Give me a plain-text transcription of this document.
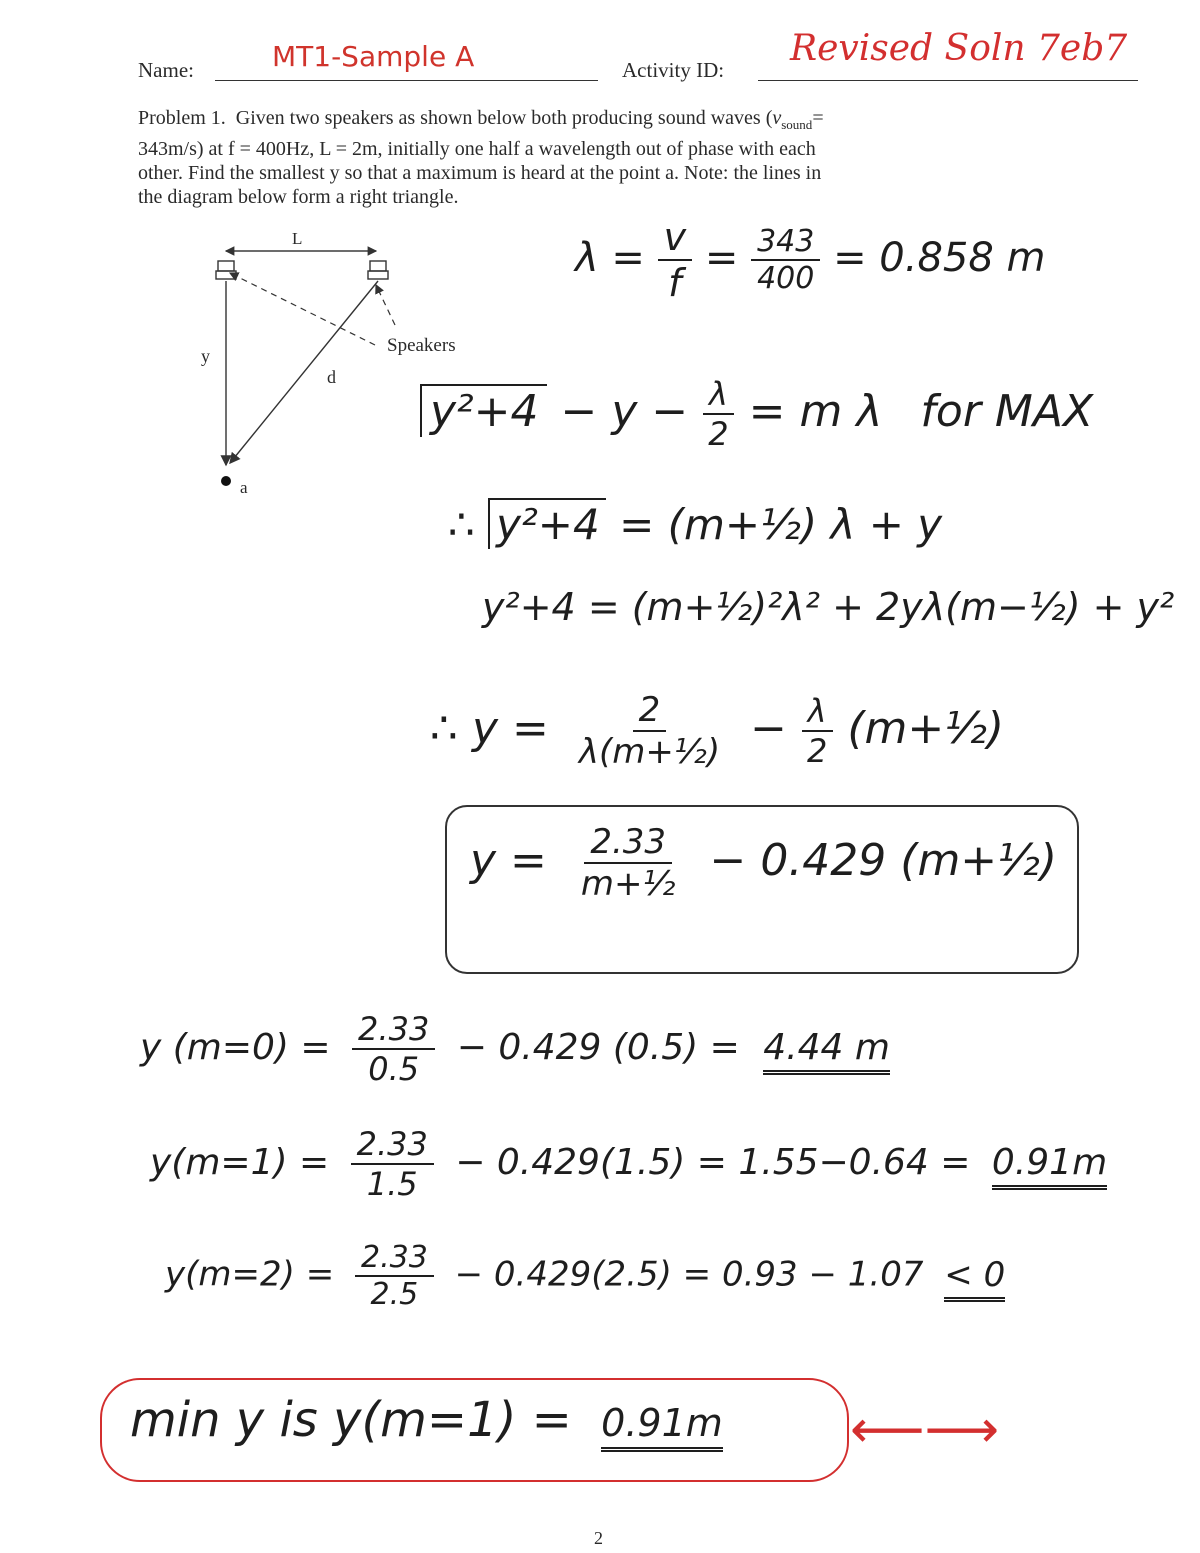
Name:	MT1-Sample A	Activity ID:
Revised Soln 7eb7
Problem 1. Given two speakers as shown below both producing sound waves ($v_{sound}=$
343m/s) at f = 400Hz, L = 2m, initially one half a wavelength out of phase with each
other. Find the smallest y so that a maximum is heard at the point a. Note: the lines in
the diagram below form a right triangle.
L
y
d
Speakers
a
$\lambda = \frac{v}{f} = \frac{343}{400} = 0.858$ m
$y^2+4 - y - \frac{\lambda}{2} = m$ λ for MAX
∴ y²+4 = (m+½) λ + y
y²+4 = (m+½)²λ² + 2yλ(m−½) + y²
∴ $y = \frac{2}{\text{λ(m+½)}} - \frac{\lambda}{2}$ (m+½)
$y = \frac{2.33}{\text{m+½}} - 0.429$ (m+½)
y $(m=0) = \frac{2.33}{0.5} - 0.429$ (0.5) = 4.44 m
$y(m=1) = \frac{2.33}{1.5} - 0.429(1.5) = 1.55-0.64 = 0.91m$
$y(m=2) = \frac{2.33}{2.5} - 0.429(2.5) = 0.93 - 1.07 < 0$
min y is y(m=1) = 0.91m ⟵⟶
2
